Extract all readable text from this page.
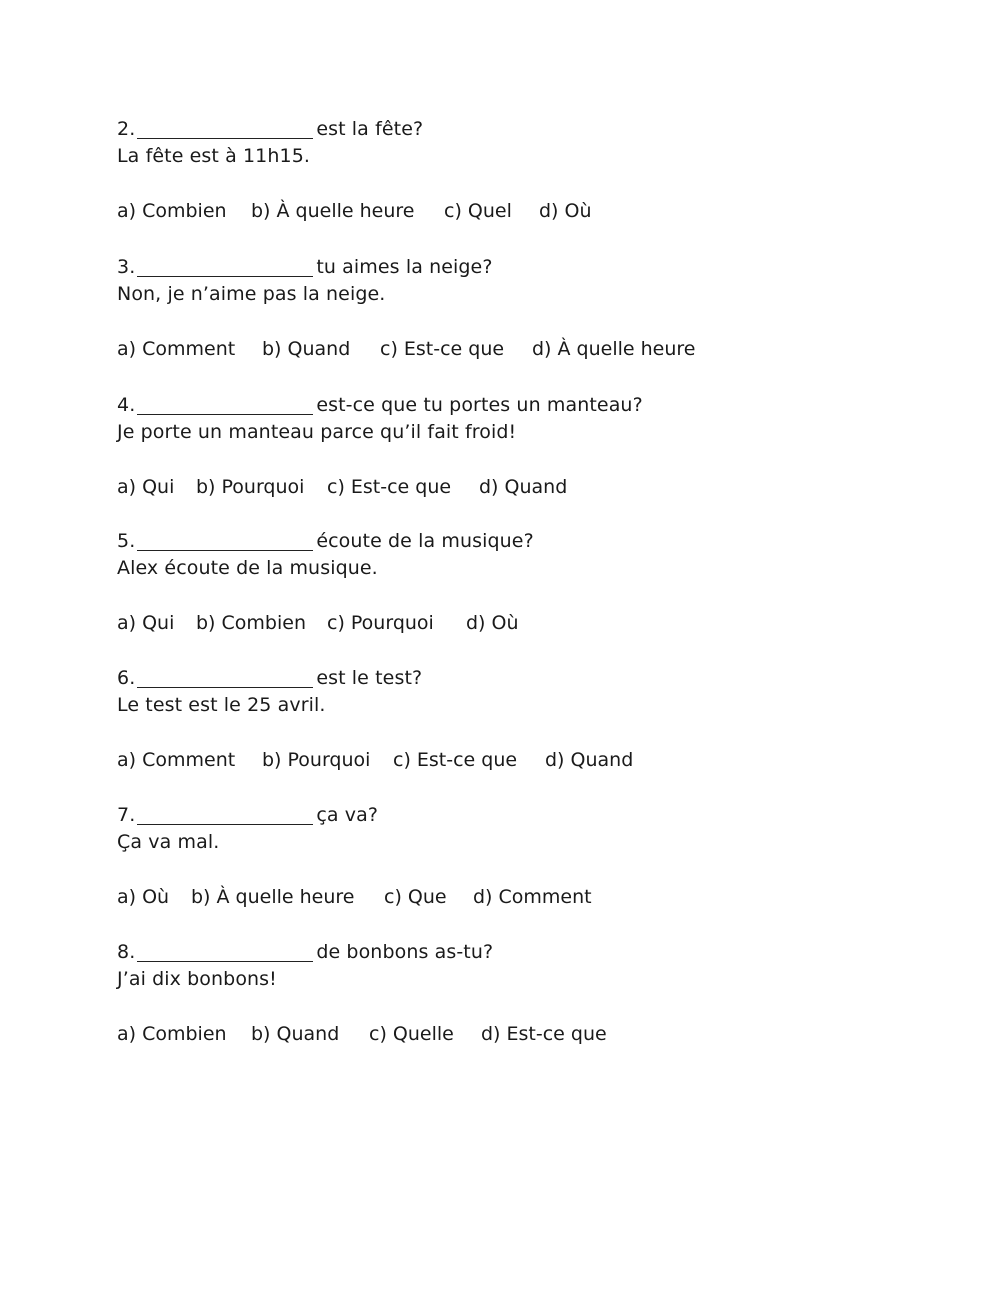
2.	est la fête?
La fête est à 11h15.
a) Combien	b) À quelle heure	c) Quel	d) Où
3.	tu aimes la neige?
Non, je n’aime pas la neige.
a) Comment	b) Quand	c) Est-ce que	d) À quelle heure
4.	est-ce que tu portes un manteau?
Je porte un manteau parce qu’il fait froid!
a) Qui	b) Pourquoi	c) Est-ce que	d) Quand
5.	écoute de la musique?
Alex écoute de la musique.
a) Qui	b) Combien	c) Pourquoi	d) Où
6.	est le test?
Le test est le 25 avril.
a) Comment	b) Pourquoi	c) Est-ce que	d) Quand
7.	ça va?
Ça va mal.
a) Où	b) À quelle heure	c) Que	d) Comment
8.	de bonbons as-tu?
J’ai dix bonbons!
a) Combien	b) Quand	c) Quelle	d) Est-ce que
